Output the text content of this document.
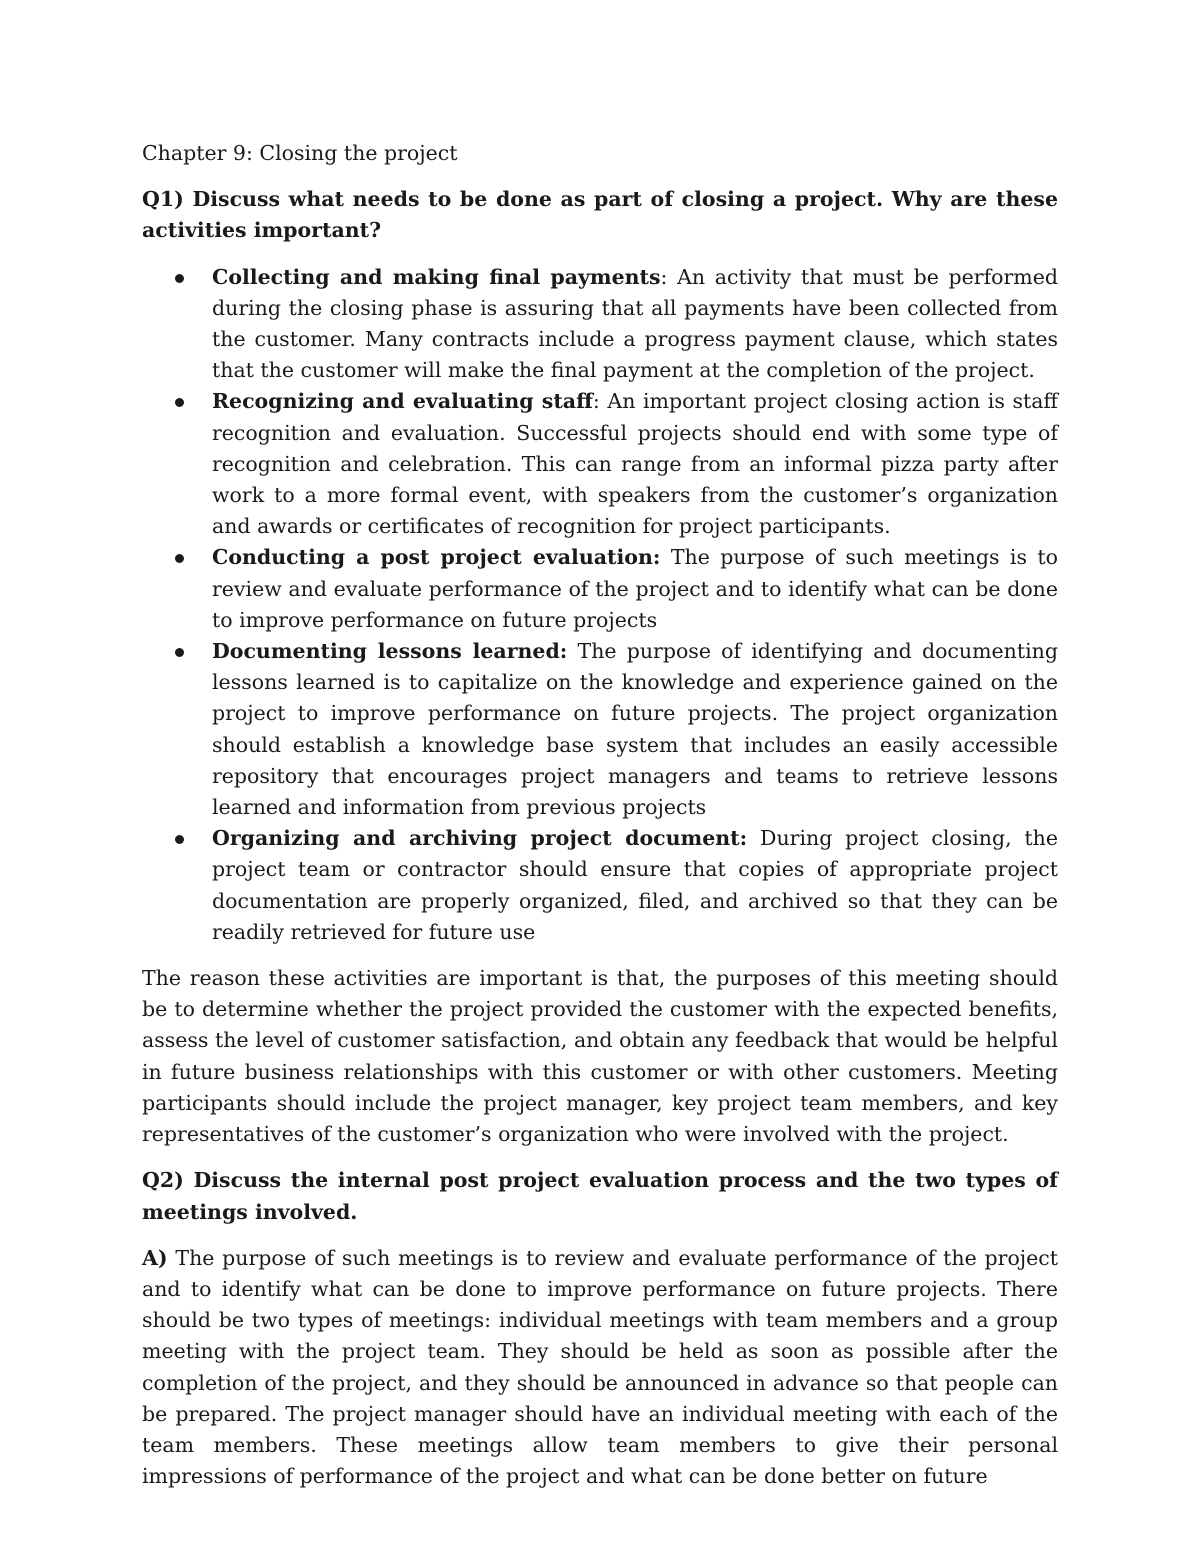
Chapter 9: Closing the project

Q1) Discuss what needs to be done as part of closing a project. Why are these activities important?

Collecting and making final payments: An activity that must be performed during the closing phase is assuring that all payments have been collected from the customer. Many contracts include a progress payment clause, which states that the customer will make the final payment at the completion of the project.
Recognizing and evaluating staff: An important project closing action is staff recognition and evaluation. Successful projects should end with some type of recognition and celebration. This can range from an informal pizza party after work to a more formal event, with speakers from the customer’s organization and awards or certificates of recognition for project participants.
Conducting a post project evaluation: The purpose of such meetings is to review and evaluate performance of the project and to identify what can be done to improve performance on future projects
Documenting lessons learned: The purpose of identifying and documenting lessons learned is to capitalize on the knowledge and experience gained on the project to improve performance on future projects. The project organization should establish a knowledge base system that includes an easily accessible repository that encourages project managers and teams to retrieve lessons learned and information from previous projects
Organizing and archiving project document: During project closing, the project team or contractor should ensure that copies of appropriate project documentation are properly organized, filed, and archived so that they can be readily retrieved for future use

The reason these activities are important is that, the purposes of this meeting should be to determine whether the project provided the customer with the expected benefits, assess the level of customer satisfaction, and obtain any feedback that would be helpful in future business relationships with this customer or with other customers. Meeting participants should include the project manager, key project team members, and key representatives of the customer’s organization who were involved with the project.

Q2) Discuss the internal post project evaluation process and the two types of meetings involved.

A) The purpose of such meetings is to review and evaluate performance of the project and to identify what can be done to improve performance on future projects. There should be two types of meetings: individual meetings with team members and a group meeting with the project team. They should be held as soon as possible after the completion of the project, and they should be announced in advance so that people can be prepared. The project manager should have an individual meeting with each of the team members. These meetings allow team members to give their personal impressions of performance of the project and what can be done better on future
